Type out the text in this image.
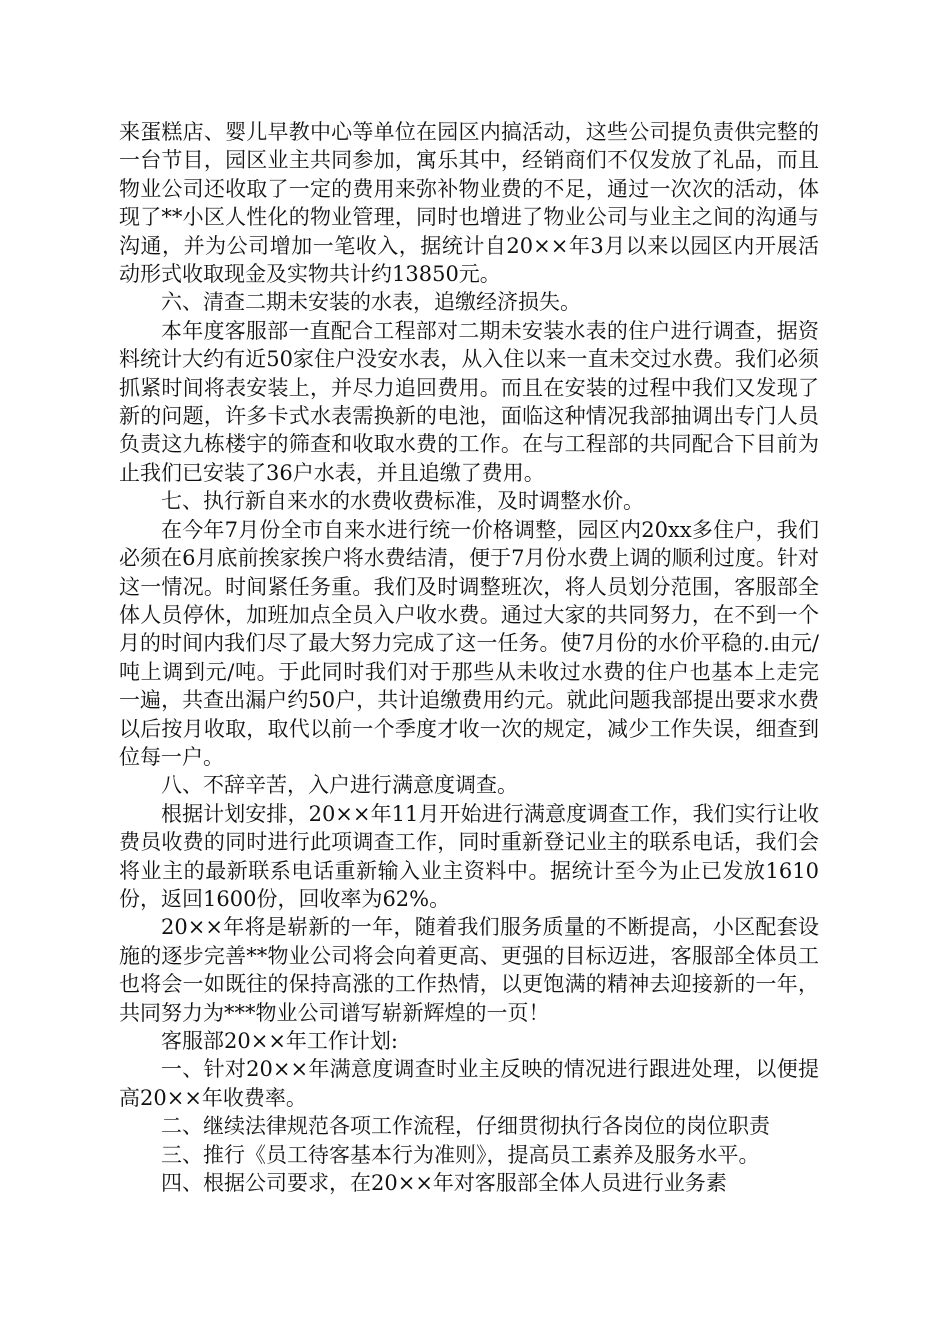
来蛋糕店、婴儿早教中心等单位在园区内搞活动，这些公司提负责供完整的一台节目，园区业主共同参加，寓乐其中，经销商们不仅发放了礼品，而且物业公司还收取了一定的费用来弥补物业费的不足，通过一次次的活动，体现了**小区人性化的物业管理，同时也增进了物业公司与业主之间的沟通与沟通，并为公司增加一笔收入，据统计自20××年3月以来以园区内开展活动形式收取现金及实物共计约13850元。

六、清查二期未安装的水表，追缴经济损失。

本年度客服部一直配合工程部对二期未安装水表的住户进行调查，据资料统计大约有近50家住户没安水表，从入住以来一直未交过水费。我们必须抓紧时间将表安装上，并尽力追回费用。而且在安装的过程中我们又发现了新的问题，许多卡式水表需换新的电池，面临这种情况我部抽调出专门人员负责这九栋楼宇的筛查和收取水费的工作。在与工程部的共同配合下目前为止我们已安装了36户水表，并且追缴了费用。

七、执行新自来水的水费收费标准，及时调整水价。

在今年7月份全市自来水进行统一价格调整，园区内20xx多住户，我们必须在6月底前挨家挨户将水费结清，便于7月份水费上调的顺利过度。针对这一情况。时间紧任务重。我们及时调整班次，将人员划分范围，客服部全体人员停休，加班加点全员入户收水费。通过大家的共同努力，在不到一个月的时间内我们尽了最大努力完成了这一任务。使7月份的水价平稳的.由元/吨上调到元/吨。于此同时我们对于那些从未收过水费的住户也基本上走完一遍，共查出漏户约50户，共计追缴费用约元。就此问题我部提出要求水费以后按月收取，取代以前一个季度才收一次的规定，减少工作失误，细查到位每一户。

八、不辞辛苦，入户进行满意度调查。

根据计划安排，20××年11月开始进行满意度调查工作，我们实行让收费员收费的同时进行此项调查工作，同时重新登记业主的联系电话，我们会将业主的最新联系电话重新输入业主资料中。据统计至今为止已发放1610份，返回1600份，回收率为62%。

20××年将是崭新的一年，随着我们服务质量的不断提高，小区配套设施的逐步完善**物业公司将会向着更高、更强的目标迈进，客服部全体员工也将会一如既往的保持高涨的工作热情，以更饱满的精神去迎接新的一年，共同努力为***物业公司谱写崭新辉煌的一页！

客服部20××年工作计划:

一、针对20××年满意度调查时业主反映的情况进行跟进处理，以便提高20××年收费率。

二、继续法律规范各项工作流程，仔细贯彻执行各岗位的岗位职责

三、推行《员工待客基本行为准则》，提高员工素养及服务水平。

四、根据公司要求，在20××年对客服部全体人员进行业务素
